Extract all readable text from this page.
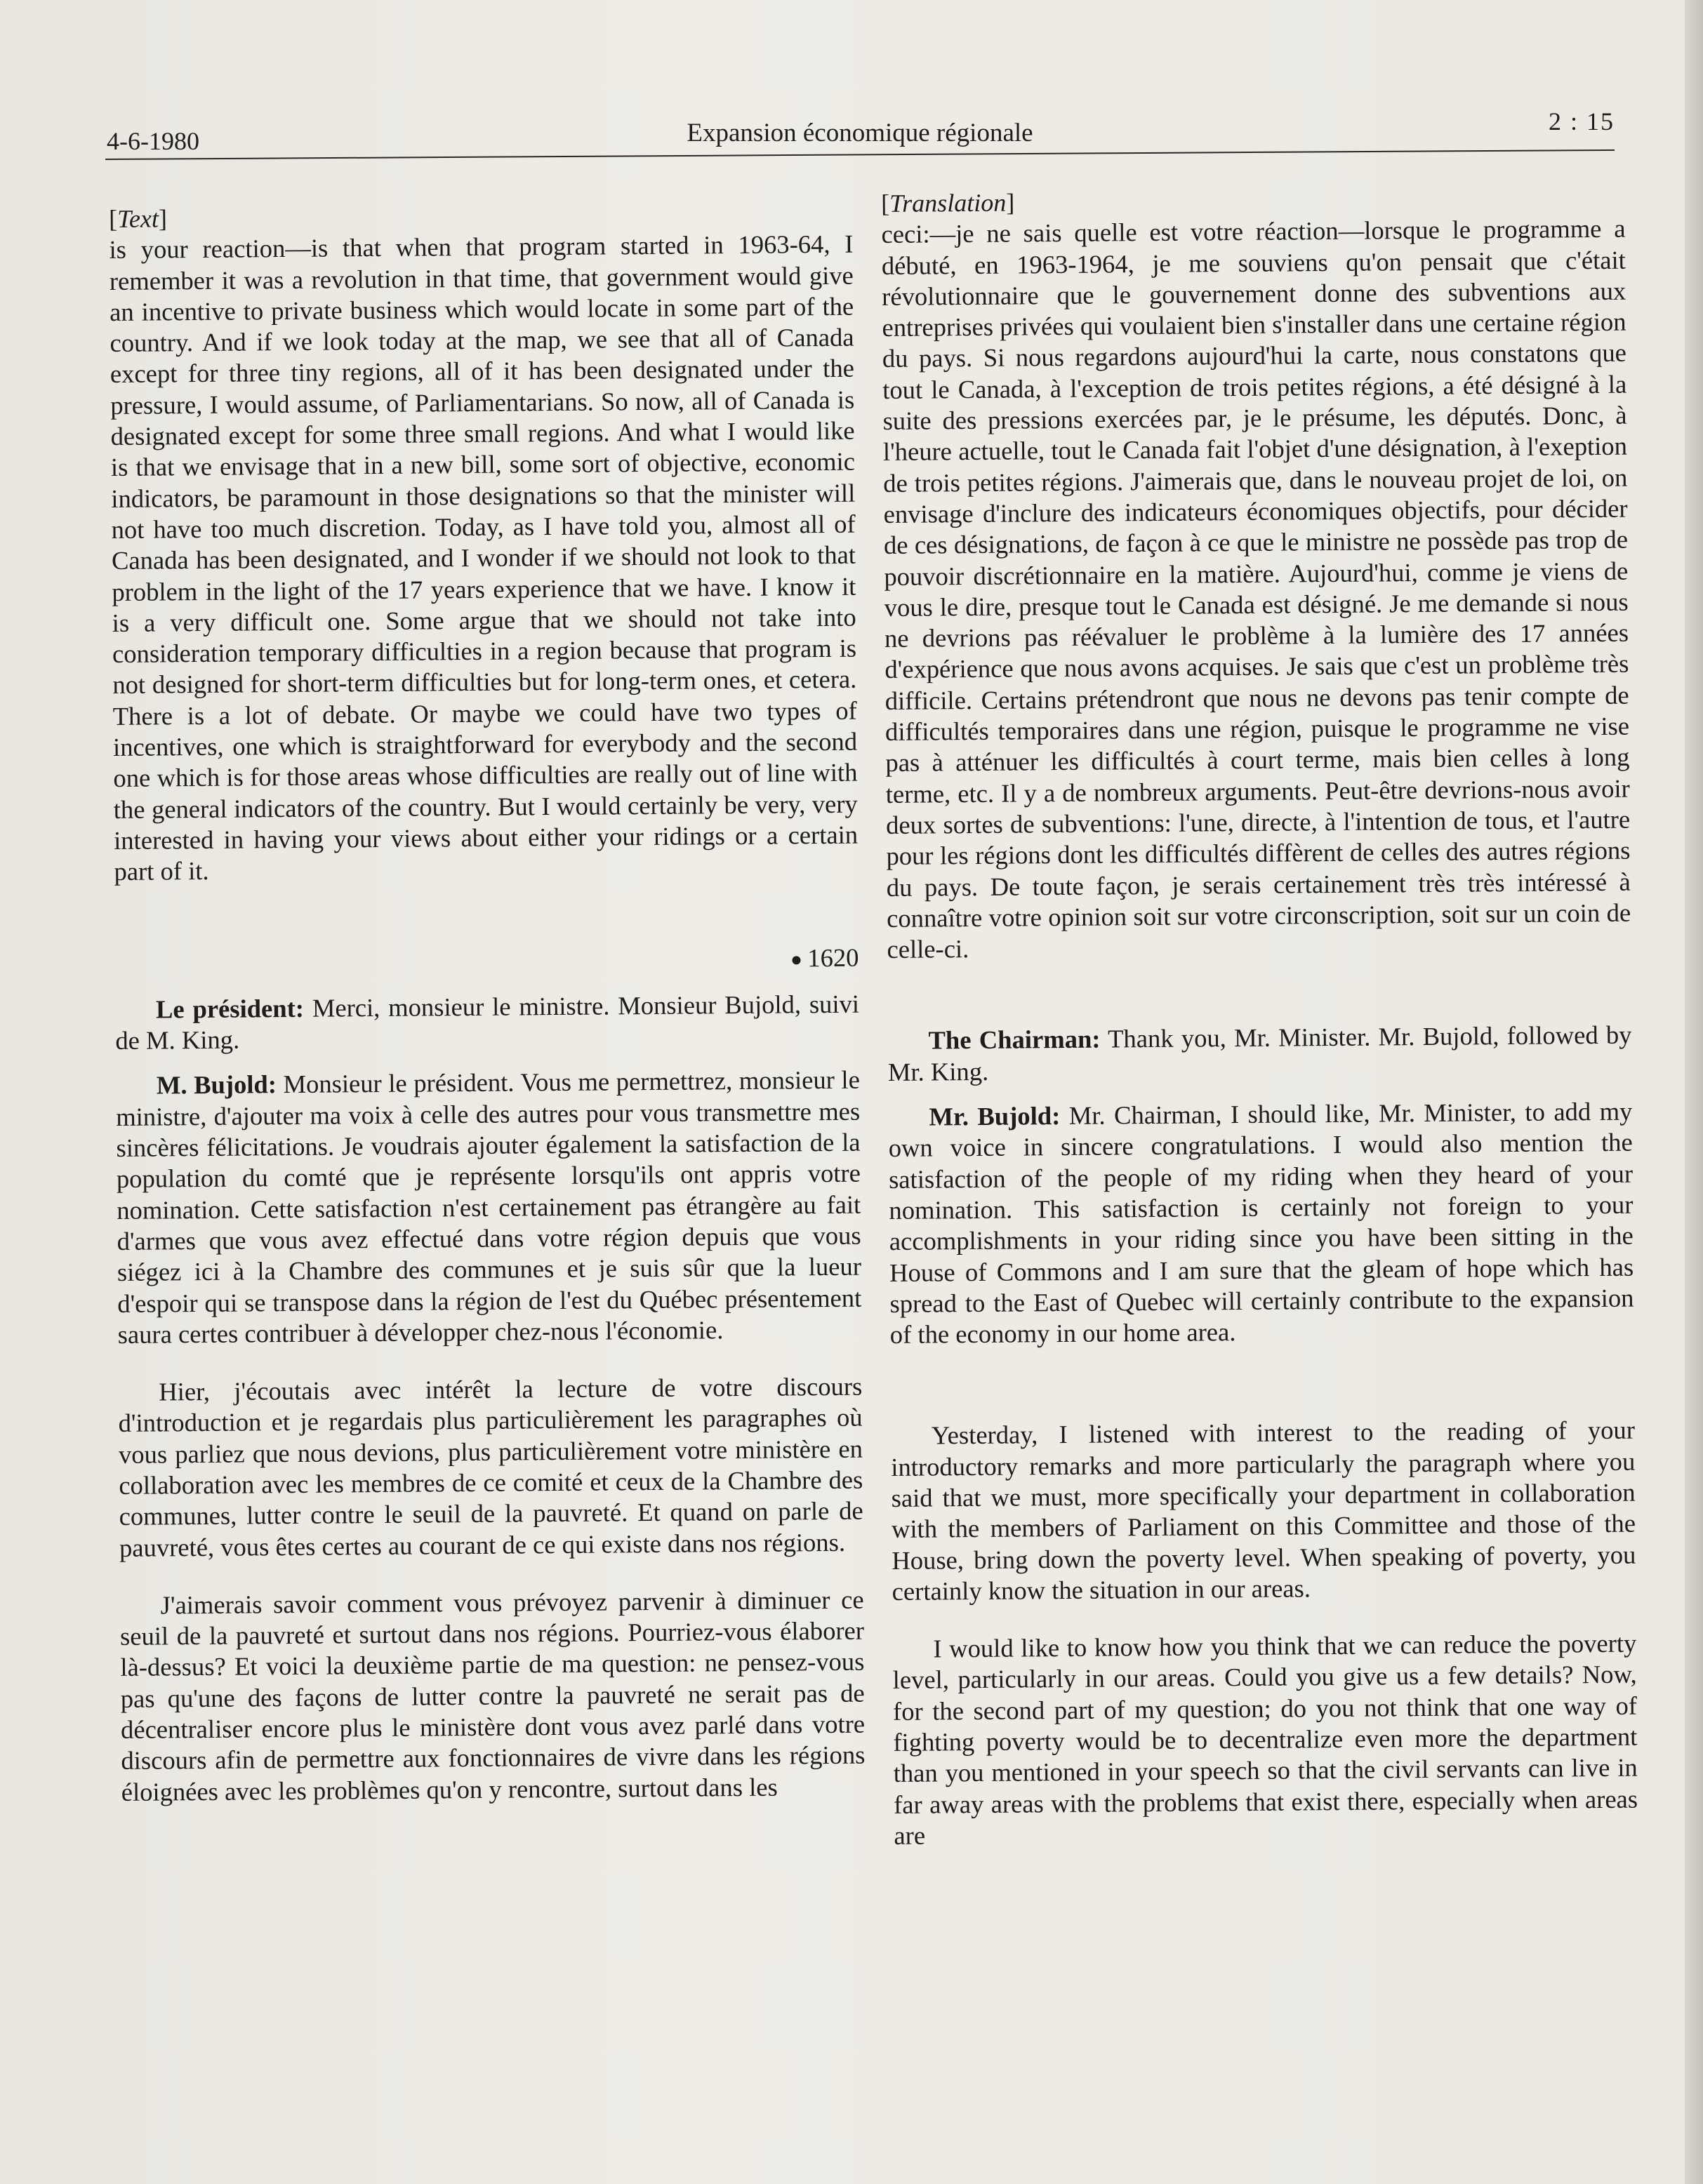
4-6-1980	Expansion économique régionale	2 : 15

[Text]

is your reaction—is that when that program started in 1963-64, I remember it was a revolution in that time, that government would give an incentive to private business which would locate in some part of the country. And if we look today at the map, we see that all of Canada except for three tiny regions, all of it has been designated under the pressure, I would assume, of Parliamentarians. So now, all of Canada is designated except for some three small regions. And what I would like is that we envisage that in a new bill, some sort of objective, economic indicators, be paramount in those designations so that the minister will not have too much discretion. Today, as I have told you, almost all of Canada has been designated, and I wonder if we should not look to that problem in the light of the 17 years experience that we have. I know it is a very difficult one. Some argue that we should not take into consideration temporary difficulties in a region because that program is not designed for short-term difficulties but for long-term ones, et cetera. There is a lot of debate. Or maybe we could have two types of incentives, one which is straightforward for everybody and the second one which is for those areas whose difficulties are really out of line with the general indicators of the country. But I would certainly be very, very interested in having your views about either your ridings or a certain part of it.

1620

Le président: Merci, monsieur le ministre. Monsieur Bujold, suivi de M. King.

M. Bujold: Monsieur le président. Vous me permettrez, monsieur le ministre, d'ajouter ma voix à celle des autres pour vous transmettre mes sincères félicitations. Je voudrais ajouter également la satisfaction de la population du comté que je représente lorsqu'ils ont appris votre nomination. Cette satisfaction n'est certainement pas étrangère au fait d'armes que vous avez effectué dans votre région depuis que vous siégez ici à la Chambre des communes et je suis sûr que la lueur d'espoir qui se transpose dans la région de l'est du Québec présentement saura certes contribuer à développer chez-nous l'économie.

Hier, j'écoutais avec intérêt la lecture de votre discours d'introduction et je regardais plus particulièrement les paragraphes où vous parliez que nous devions, plus particulièrement votre ministère en collaboration avec les membres de ce comité et ceux de la Chambre des communes, lutter contre le seuil de la pauvreté. Et quand on parle de pauvreté, vous êtes certes au courant de ce qui existe dans nos régions.

J'aimerais savoir comment vous prévoyez parvenir à diminuer ce seuil de la pauvreté et surtout dans nos régions. Pourriez-vous élaborer là-dessus? Et voici la deuxième partie de ma question: ne pensez-vous pas qu'une des façons de lutter contre la pauvreté ne serait pas de décentraliser encore plus le ministère dont vous avez parlé dans votre discours afin de permettre aux fonctionnaires de vivre dans les régions éloignées avec les problèmes qu'on y rencontre, surtout dans les

[Translation]

ceci:—je ne sais quelle est votre réaction—lorsque le programme a débuté, en 1963-1964, je me souviens qu'on pensait que c'était révolutionnaire que le gouvernement donne des subventions aux entreprises privées qui voulaient bien s'installer dans une certaine région du pays. Si nous regardons aujourd'hui la carte, nous constatons que tout le Canada, à l'exception de trois petites régions, a été désigné à la suite des pressions exercées par, je le présume, les députés. Donc, à l'heure actuelle, tout le Canada fait l'objet d'une désignation, à l'exeption de trois petites régions. J'aimerais que, dans le nouveau projet de loi, on envisage d'inclure des indicateurs économiques objectifs, pour décider de ces désignations, de façon à ce que le ministre ne possède pas trop de pouvoir discrétionnaire en la matière. Aujourd'hui, comme je viens de vous le dire, presque tout le Canada est désigné. Je me demande si nous ne devrions pas réévaluer le problème à la lumière des 17 années d'expérience que nous avons acquises. Je sais que c'est un problème très difficile. Certains prétendront que nous ne devons pas tenir compte de difficultés temporaires dans une région, puisque le programme ne vise pas à atténuer les difficultés à court terme, mais bien celles à long terme, etc. Il y a de nombreux arguments. Peut-être devrions-nous avoir deux sortes de subventions: l'une, directe, à l'intention de tous, et l'autre pour les régions dont les difficultés diffèrent de celles des autres régions du pays. De toute façon, je serais certainement très très intéressé à connaître votre opinion soit sur votre circonscription, soit sur un coin de celle-ci.

The Chairman: Thank you, Mr. Minister. Mr. Bujold, followed by Mr. King.

Mr. Bujold: Mr. Chairman, I should like, Mr. Minister, to add my own voice in sincere congratulations. I would also mention the satisfaction of the people of my riding when they heard of your nomination. This satisfaction is certainly not foreign to your accomplishments in your riding since you have been sitting in the House of Commons and I am sure that the gleam of hope which has spread to the East of Quebec will certainly contribute to the expansion of the economy in our home area.

Yesterday, I listened with interest to the reading of your introductory remarks and more particularly the paragraph where you said that we must, more specifically your department in collaboration with the members of Parliament on this Committee and those of the House, bring down the poverty level. When speaking of poverty, you certainly know the situation in our areas.

I would like to know how you think that we can reduce the poverty level, particularly in our areas. Could you give us a few details? Now, for the second part of my question; do you not think that one way of fighting poverty would be to decentralize even more the department than you mentioned in your speech so that the civil servants can live in far away areas with the problems that exist there, especially when areas are
